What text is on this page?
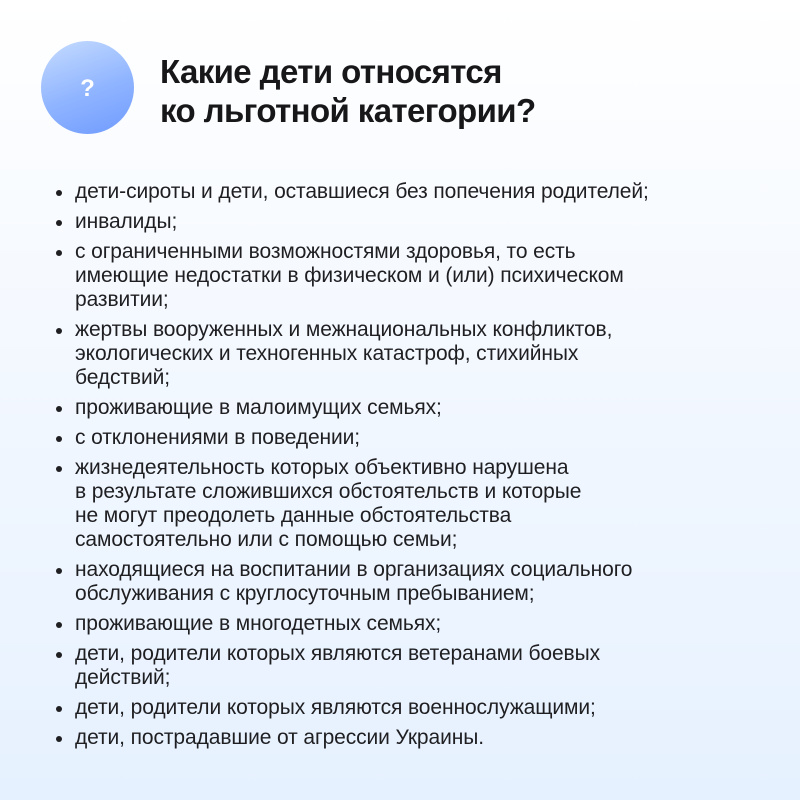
? Какие дети относятся
ко льготной категории?
дети-сироты и дети, оставшиеся без попечения родителей;
инвалиды;
с ограниченными возможностями здоровья, то есть
имеющие недостатки в физическом и (или) психическом
развитии;
жертвы вооруженных и межнациональных конфликтов,
экологических и техногенных катастроф, стихийных
бедствий;
проживающие в малоимущих семьях;
с отклонениями в поведении;
жизнедеятельность которых объективно нарушена
в результате сложившихся обстоятельств и которые
не могут преодолеть данные обстоятельства
самостоятельно или с помощью семьи;
находящиеся на воспитании в организациях социального
обслуживания с круглосуточным пребыванием;
проживающие в многодетных семьях;
дети, родители которых являются ветеранами боевых
действий;
дети, родители которых являются военнослужащими;
дети, пострадавшие от агрессии Украины.
